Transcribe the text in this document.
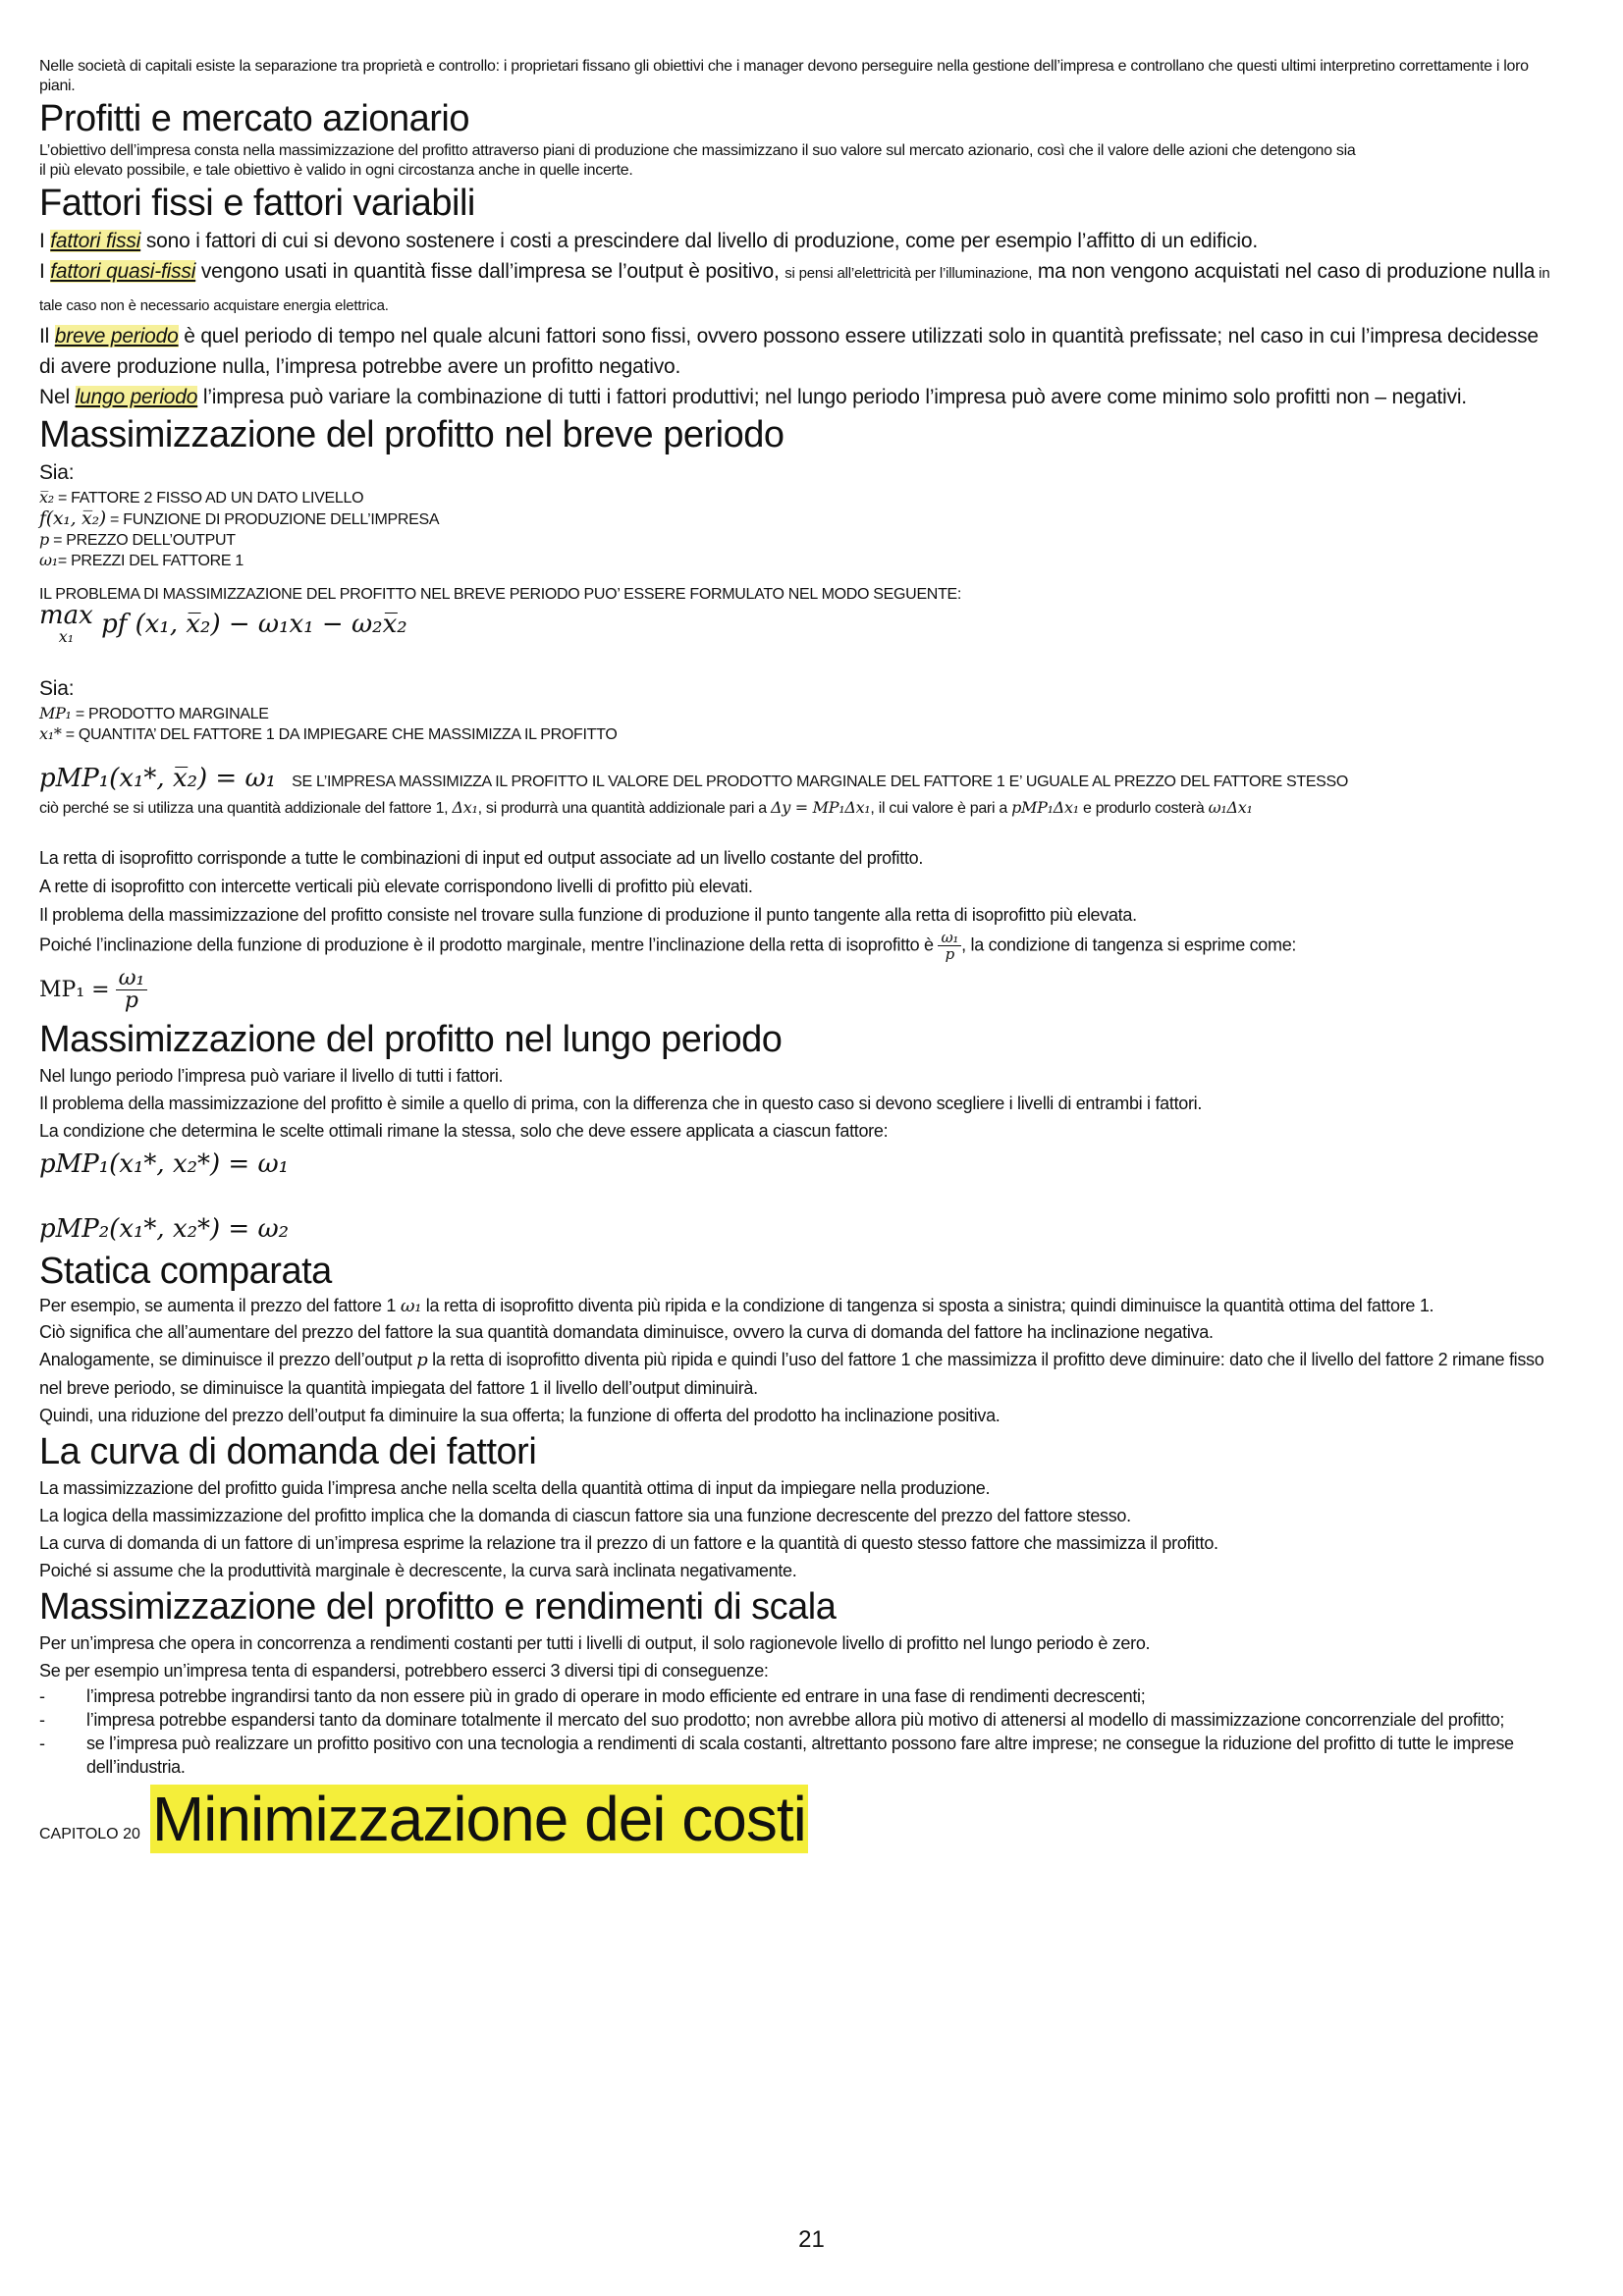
Nelle società di capitali esiste la separazione tra proprietà e controllo: i proprietari fissano gli obiettivi che i manager devono perseguire nella gestione dell’impresa e controllano che questi ultimi interpretino correttamente i loro piani.

Profitti e mercato azionario

L’obiettivo dell’impresa consta nella massimizzazione del profitto attraverso piani di produzione che massimizzano il suo valore sul mercato azionario, così che il valore delle azioni che detengono sia

il più elevato possibile, e tale obiettivo è valido in ogni circostanza anche in quelle incerte.

Fattori fissi e fattori variabili

I fattori fissi sono i fattori di cui si devono sostenere i costi a prescindere dal livello di produzione, come per esempio l’affitto di un edificio.

I fattori quasi-fissi vengono usati in quantità fisse dall’impresa se l’output è positivo, si pensi all’elettricità per l’illuminazione, ma non vengono acquistati nel caso di produzione nulla in tale caso non è necessario acquistare energia elettrica.

Il breve periodo è quel periodo di tempo nel quale alcuni fattori sono fissi, ovvero possono essere utilizzati solo in quantità prefissate; nel caso in cui l’impresa decidesse di avere produzione nulla, l’impresa potrebbe avere un profitto negativo.

Nel lungo periodo l’impresa può variare la combinazione di tutti i fattori produttivi; nel lungo periodo l’impresa può avere come minimo solo profitti non – negativi.

Massimizzazione del profitto nel breve periodo

Sia:

x̅₂ = FATTORE 2 FISSO AD UN DATO LIVELLO

f(x₁, x̅₂) = FUNZIONE DI PRODUZIONE DELL’IMPRESA

p = PREZZO DELL’OUTPUT

ω₁= PREZZI DEL FATTORE 1

IL PROBLEMA DI MASSIMIZZAZIONE DEL PROFITTO NEL BREVE PERIODO PUO’ ESSERE FORMULATO NEL MODO SEGUENTE:

max
x₁ pf (x₁, x̅₂) − ω₁x₁ − ω₂x̅₂

Sia:

MP₁ = PRODOTTO MARGINALE

x₁* = QUANTITA’ DEL FATTORE 1 DA IMPIEGARE CHE MASSIMIZZA IL PROFITTO

pMP₁(x₁*, x̅₂) = ω₁ SE L’IMPRESA MASSIMIZZA IL PROFITTO IL VALORE DEL PRODOTTO MARGINALE DEL FATTORE 1 E’ UGUALE AL PREZZO DEL FATTORE STESSO

ciò perché se si utilizza una quantità addizionale del fattore 1, Δx₁, si produrrà una quantità addizionale pari a Δy = MP₁Δx₁, il cui valore è pari a pMP₁Δx₁ e produrlo costerà ω₁Δx₁

La retta di isoprofitto corrisponde a tutte le combinazioni di input ed output associate ad un livello costante del profitto.

A rette di isoprofitto con intercette verticali più elevate corrispondono livelli di profitto più elevati.

Il problema della massimizzazione del profitto consiste nel trovare sulla funzione di produzione il punto tangente alla retta di isoprofitto più elevata.

Poiché l’inclinazione della funzione di produzione è il prodotto marginale, mentre l’inclinazione della retta di isoprofitto è $\frac{\text{ω₁}}{p}$ , la condizione di tangenza si esprime come:

$MP_1 = \frac{\text{ω₁}}{p}$

Massimizzazione del profitto nel lungo periodo

Nel lungo periodo l’impresa può variare il livello di tutti i fattori.

Il problema della massimizzazione del profitto è simile a quello di prima, con la differenza che in questo caso si devono scegliere i livelli di entrambi i fattori.

La condizione che determina le scelte ottimali rimane la stessa, solo che deve essere applicata a ciascun fattore:

pMP₁(x₁*, x₂*) = ω₁

pMP₂(x₁*, x₂*) = ω₂

Statica comparata

Per esempio, se aumenta il prezzo del fattore 1 ω₁ la retta di isoprofitto diventa più ripida e la condizione di tangenza si sposta a sinistra; quindi diminuisce la quantità ottima del fattore 1.

Ciò significa che all’aumentare del prezzo del fattore la sua quantità domandata diminuisce, ovvero la curva di domanda del fattore ha inclinazione negativa.

Analogamente, se diminuisce il prezzo dell’output p la retta di isoprofitto diventa più ripida e quindi l’uso del fattore 1 che massimizza il profitto deve diminuire: dato che il livello del fattore 2 rimane fisso nel breve periodo, se diminuisce la quantità impiegata del fattore 1 il livello dell’output diminuirà.

Quindi, una riduzione del prezzo dell’output fa diminuire la sua offerta; la funzione di offerta del prodotto ha inclinazione positiva.

La curva di domanda dei fattori

La massimizzazione del profitto guida l’impresa anche nella scelta della quantità ottima di input da impiegare nella produzione.

La logica della massimizzazione del profitto implica che la domanda di ciascun fattore sia una funzione decrescente del prezzo del fattore stesso.

La curva di domanda di un fattore di un’impresa esprime la relazione tra il prezzo di un fattore e la quantità di questo stesso fattore che massimizza il profitto.

Poiché si assume che la produttività marginale è decrescente, la curva sarà inclinata negativamente.

Massimizzazione del profitto e rendimenti di scala

Per un’impresa che opera in concorrenza a rendimenti costanti per tutti i livelli di output, il solo ragionevole livello di profitto nel lungo periodo è zero.

Se per esempio un’impresa tenta di espandersi, potrebbero esserci 3 diversi tipi di conseguenze:

-	l’impresa potrebbe ingrandirsi tanto da non essere più in grado di operare in modo efficiente ed entrare in una fase di rendimenti decrescenti;
-	l’impresa potrebbe espandersi tanto da dominare totalmente il mercato del suo prodotto; non avrebbe allora più motivo di attenersi al modello di massimizzazione concorrenziale del profitto;
-	se l’impresa può realizzare un profitto positivo con una tecnologia a rendimenti di scala costanti, altrettanto possono fare altre imprese; ne consegue la riduzione del profitto di tutte le imprese dell’industria.
CAPITOLO 20 Minimizzazione dei costi
21
